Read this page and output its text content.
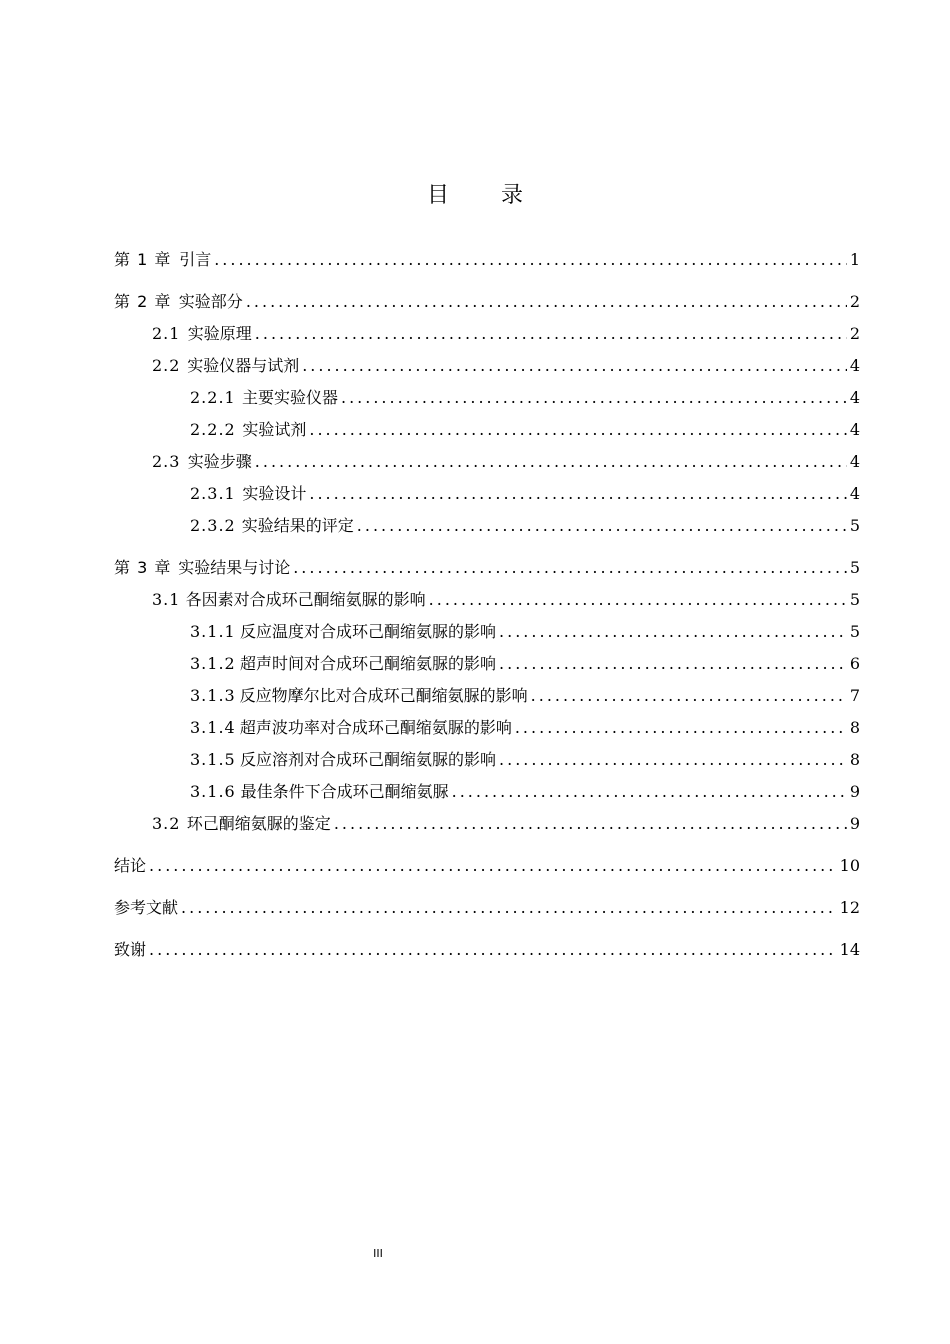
目 录
第 1 章 引言 .....	1
第 2 章 实验部分 .....	2
2.1 实验原理 .....	2
2.2 实验仪器与试剂 .....	4
2.2.1 主要实验仪器 .....	4
2.2.2 实验试剂 .....	4
2.3 实验步骤 .....	4
2.3.1 实验设计 .....	4
2.3.2 实验结果的评定 .....	5
第 3 章 实验结果与讨论 .....	5
3.1 各因素对合成环己酮缩氨脲的影响 .....	5
3.1.1 反应温度对合成环己酮缩氨脲的影响 .....	5
3.1.2 超声时间对合成环己酮缩氨脲的影响 .....	6
3.1.3 反应物摩尔比对合成环己酮缩氨脲的影响 .....	7
3.1.4 超声波功率对合成环己酮缩氨脲的影响 .....	8
3.1.5 反应溶剂对合成环己酮缩氨脲的影响 .....	8
3.1.6 最佳条件下合成环己酮缩氨脲 .....	9
3.2 环己酮缩氨脲的鉴定 .....	9
结论 .....	10
参考文献 .....	12
致谢 .....	14
III
